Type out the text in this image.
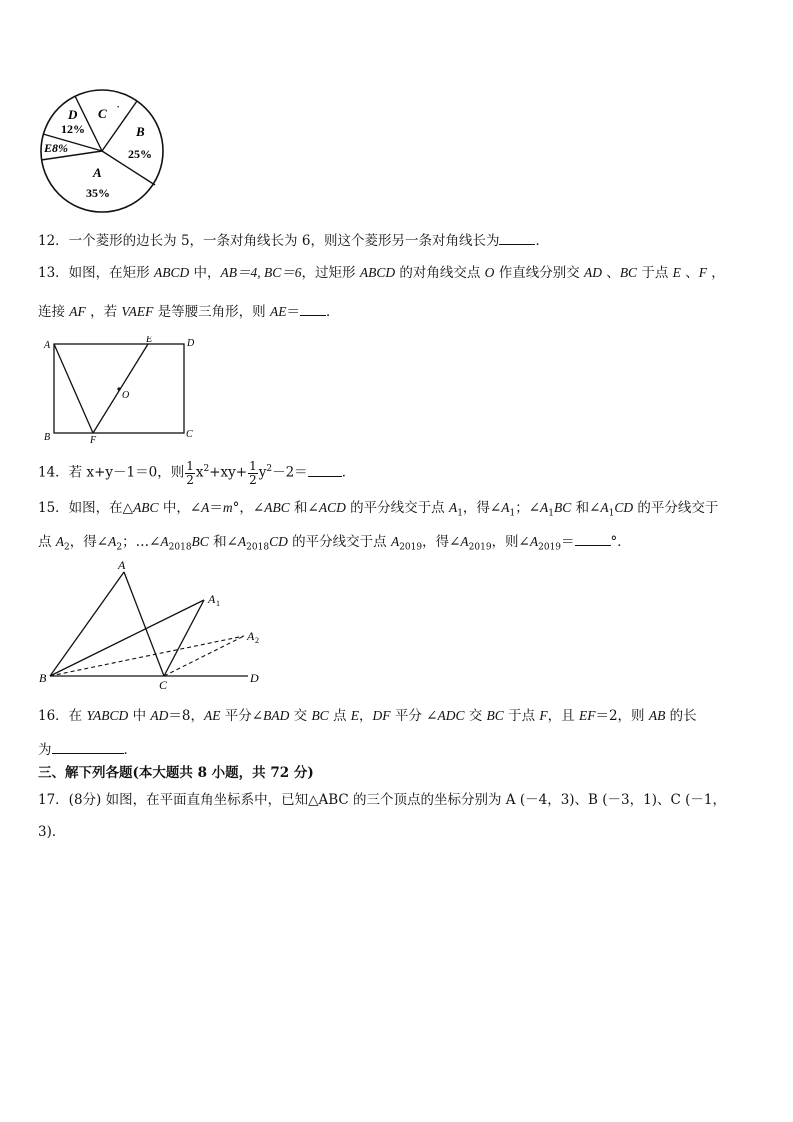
D
12%
C ·
B
25%
E8%
A
35%
12．一个菱形的边长为 5，一条对角线长为 6，则这个菱形另一条对角线长为	．
13．如图，在矩形 ABCD 中，AB＝4, BC＝6，过矩形 ABCD 的对角线交点 O 作直线分别交 AD 、BC 于点 E 、F ，
连接 AF ，若 VAEF 是等腰三角形，则 AE＝ ．
A
E	D
O
B	F
C
14．若 x+y－1＝0，则 $\frac{1}{2} x^2+xy+ \frac{1}{2} y^2-2=$	．
15．如图，在△ABC 中，∠A＝m°，∠ABC 和∠ACD 的平分线交于点 $A_1$，得$\angle A_1$；$\angle A_1BC$ 和$\angle A_1CD$ 的平分线交于
点 $A_2$，得$\angle A_2$；$\dots\angle A_{2018}BC$ 和$\angle A_{2018}CD$ 的平分线交于点 $A_{2019}$，得$\angle A_{2019}$，则$\angle A_{2019}=$	°．
A
A 1
A 2
B	C	D
16．在 YABCD 中 AD＝8，AE 平分∠BAD 交 BC 点 E，DF 平分 ∠ADC 交 BC 于点 F，且 EF＝2，则 AB 的长
为	．
三、解下列各题(本大题共 8 小题，共 72 分)
17．(8分) 如图，在平面直角坐标系中，已知△ABC 的三个顶点的坐标分别为 A (－4，3)、B (－3，1)、C (－1，
3)．
